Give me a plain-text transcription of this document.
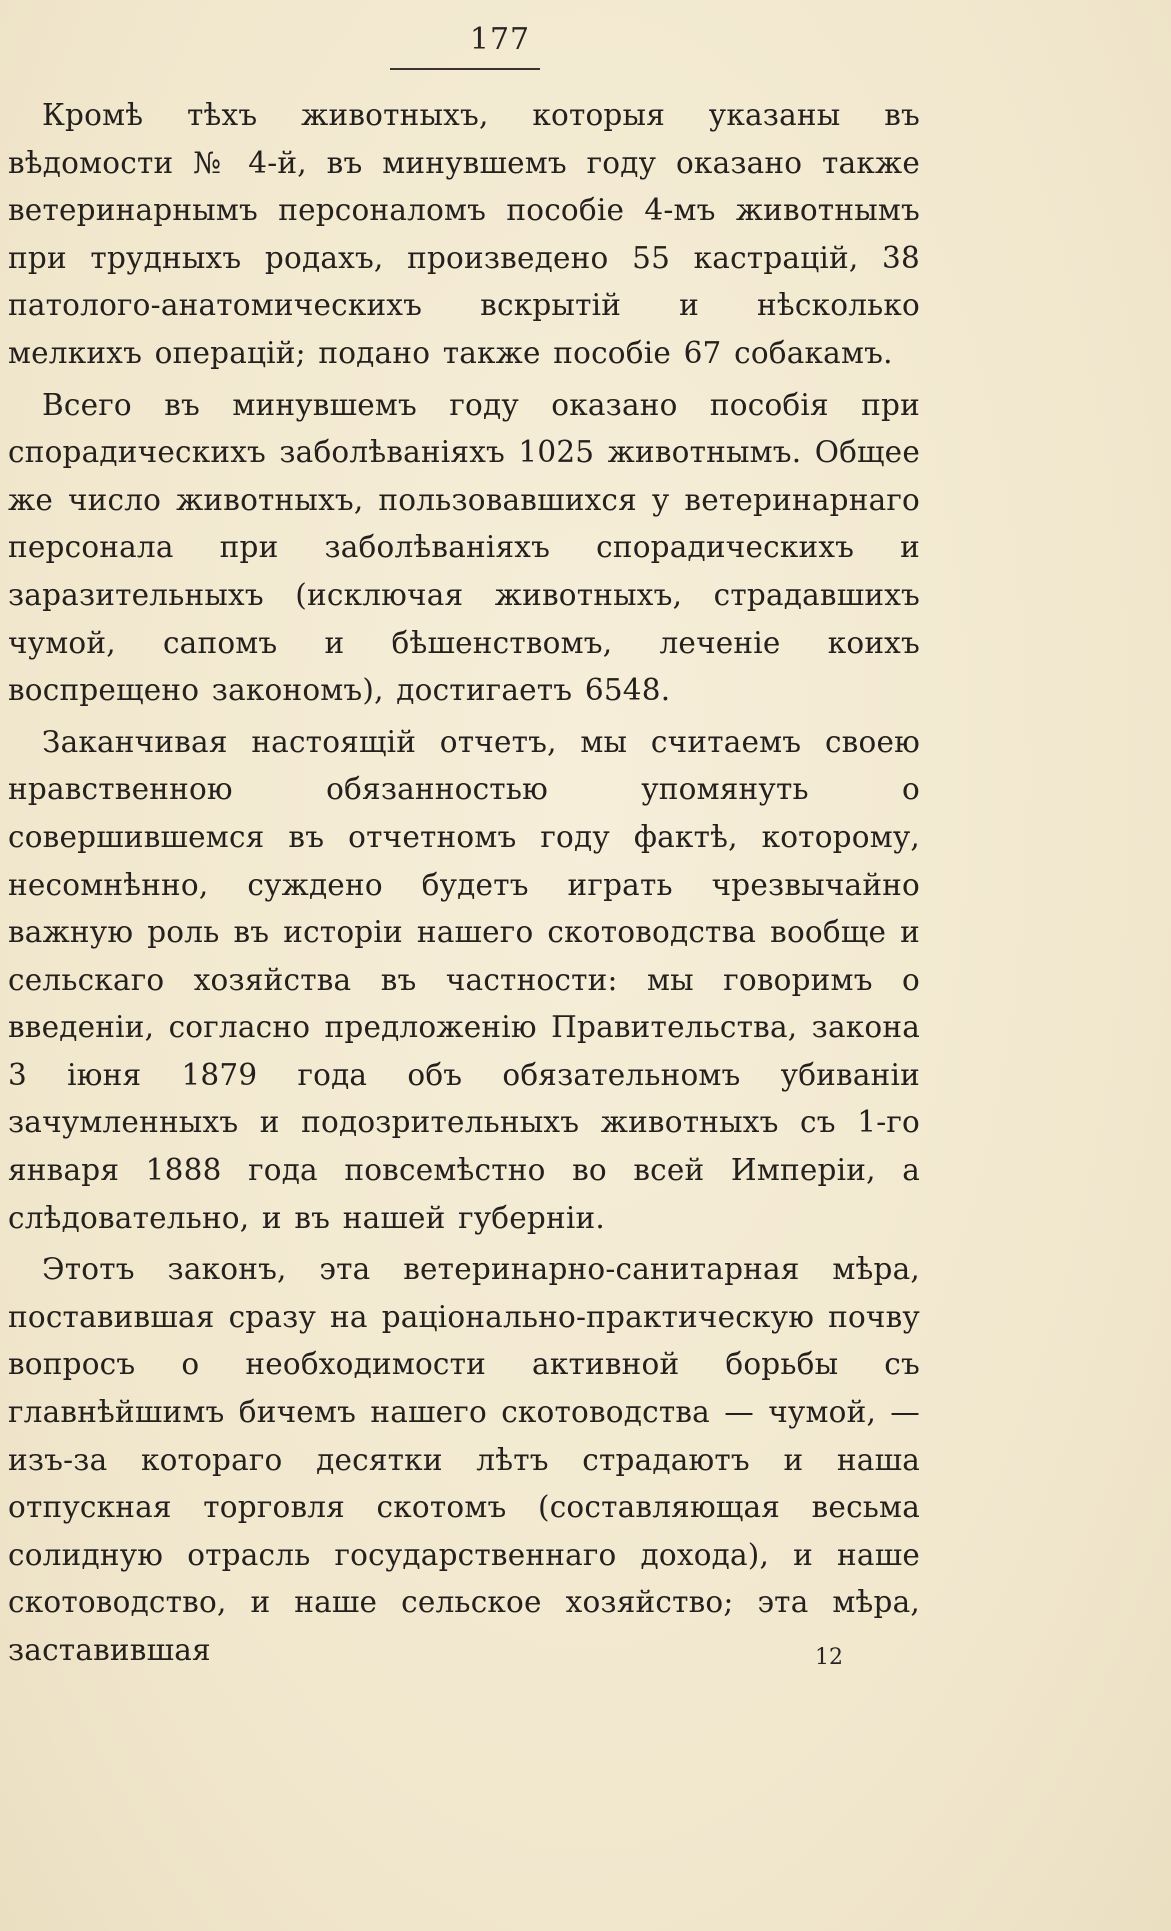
177

Кромѣ тѣхъ животныхъ, которыя указаны въ вѣдомости № 4-й, въ минувшемъ году оказано также ветеринарнымъ персоналомъ пособіе 4-мъ животнымъ при трудныхъ родахъ, произведено 55 кастрацій, 38 патолого-анатомическихъ вскрытій и нѣсколько мелкихъ операцій; подано также пособіе 67 собакамъ.

Всего въ минувшемъ году оказано пособія при спорадическихъ заболѣваніяхъ 1025 животнымъ. Общее же число животныхъ, пользовавшихся у ветеринарнаго персонала при заболѣваніяхъ спорадическихъ и заразительныхъ (исключая животныхъ, страдавшихъ чумой, сапомъ и бѣшенствомъ, леченіе коихъ воспрещено закономъ), достигаетъ 6548.

Заканчивая настоящій отчетъ, мы считаемъ своею нравственною обязанностью упомянуть о совершившемся въ отчетномъ году фактѣ, которому, несомнѣнно, суждено будетъ играть чрезвычайно важную роль въ исторіи нашего скотоводства вообще и сельскаго хозяйства въ частности: мы говоримъ о введеніи, согласно предложенію Правительства, закона 3 іюня 1879 года объ обязательномъ убиваніи зачумленныхъ и подозрительныхъ животныхъ съ 1-го января 1888 года повсемѣстно во всей Имперіи, а слѣдовательно, и въ нашей губерніи.

Этотъ законъ, эта ветеринарно-санитарная мѣра, поставившая сразу на раціонально-практическую почву вопросъ о необходимости активной борьбы съ главнѣйшимъ бичемъ нашего скотоводства — чумой, — изъ-за котораго десятки лѣтъ страдаютъ и наша отпускная торговля скотомъ (составляющая весьма солидную отрасль государственнаго дохода), и наше скотоводство, и наше сельское хозяйство; эта мѣра, заставившая	12
